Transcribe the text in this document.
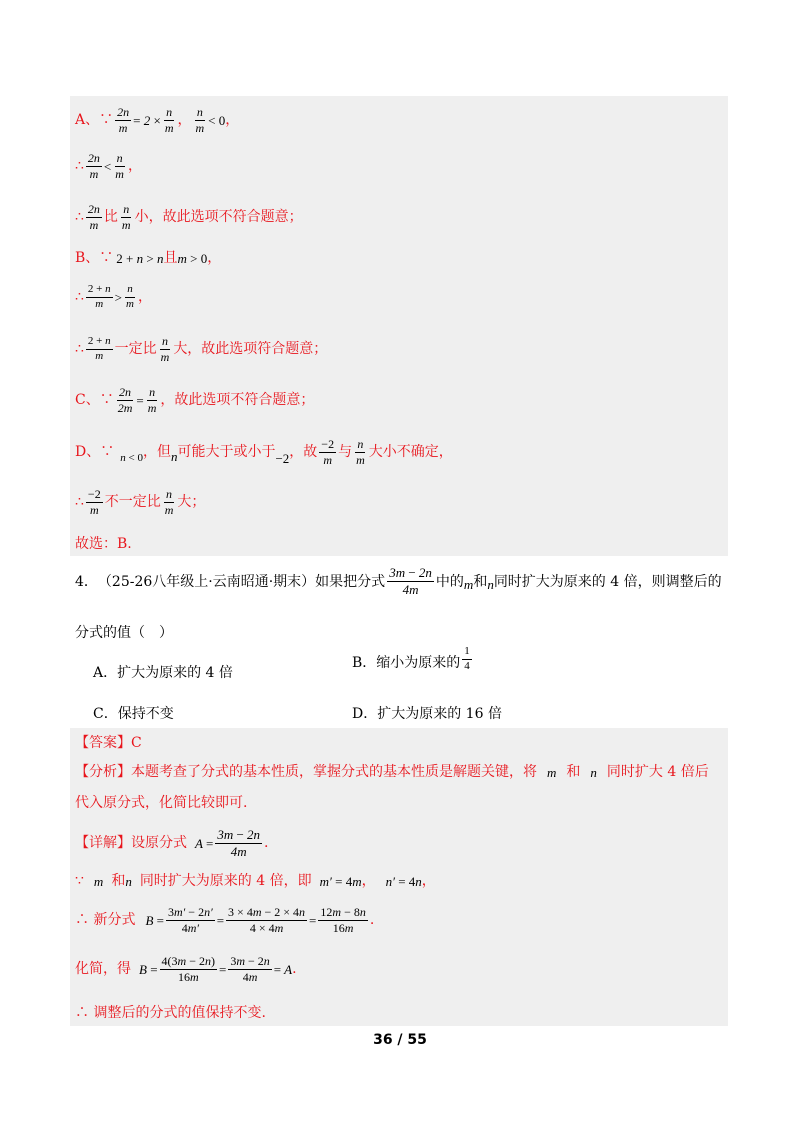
A、∵ $\frac{2n}{m} = 2 \times \frac{n}{m}$ ， $\frac{n}{m} < 0$ ，
∴ $\frac{2n}{m} < \frac{n}{m}$ ，
∴ $\frac{2n}{m}$ 比 $\frac{n}{m}$ 小，故此选项不符合题意；
B、∵ 2 + n > n 且 m > 0 ，
∴ $\frac{2 + n}{m} > \frac{n}{m}$ ，
∴ $\frac{2 + n}{m}$ 一定比 $\frac{n}{m}$ 大，故此选项符合题意；
C、∵ $\frac{2n}{2m} = \frac{n}{m}$ ，故此选项不符合题意；
D、∵ n < 0 ，但 n 可能大于或小于 −2 ，故 $\frac{-2}{m}$ 与 $\frac{n}{m}$ 大小不确定，
∴ $\frac{-2}{m}$ 不一定比 $\frac{n}{m}$ 大；
故选：B.
4． （25-26八年级上·云南昭通·期末）如果把分式 $\frac{3m - 2n}{4m}$ 中的 m 和 n 同时扩大为原来的 4 倍，则调整后的
分式的值（　）
A．扩大为原来的 4 倍
B．缩小为原来的 $\frac{1}{4}$
C．保持不变	D．扩大为原来的 16 倍
【答案】C
【分析】 本题考查了分式的基本性质，掌握分式的基本性质是解题关键，将 m 和 n 同时扩大 4 倍后
代入原分式，化简比较即可.
【详解】 设原分式 $A = \frac{3m - 2n}{4m}$ .
∵ m 和 n 同时扩大为原来的 4 倍，即 m′ = 4m ， n′ = 4n ，
∴ 新分式 $B = \frac{3m' - 2n'}{4m'} = \frac{3 \times 4m - 2 \times 4n}{4 \times 4m} = \frac{12m - 8n}{16m}$ .
化简，得 $B = \frac{4(3m - 2n)}{16m} = \frac{3m - 2n}{4m} = A$ .
∴ 调整后的分式的值保持不变.
36 / 55
